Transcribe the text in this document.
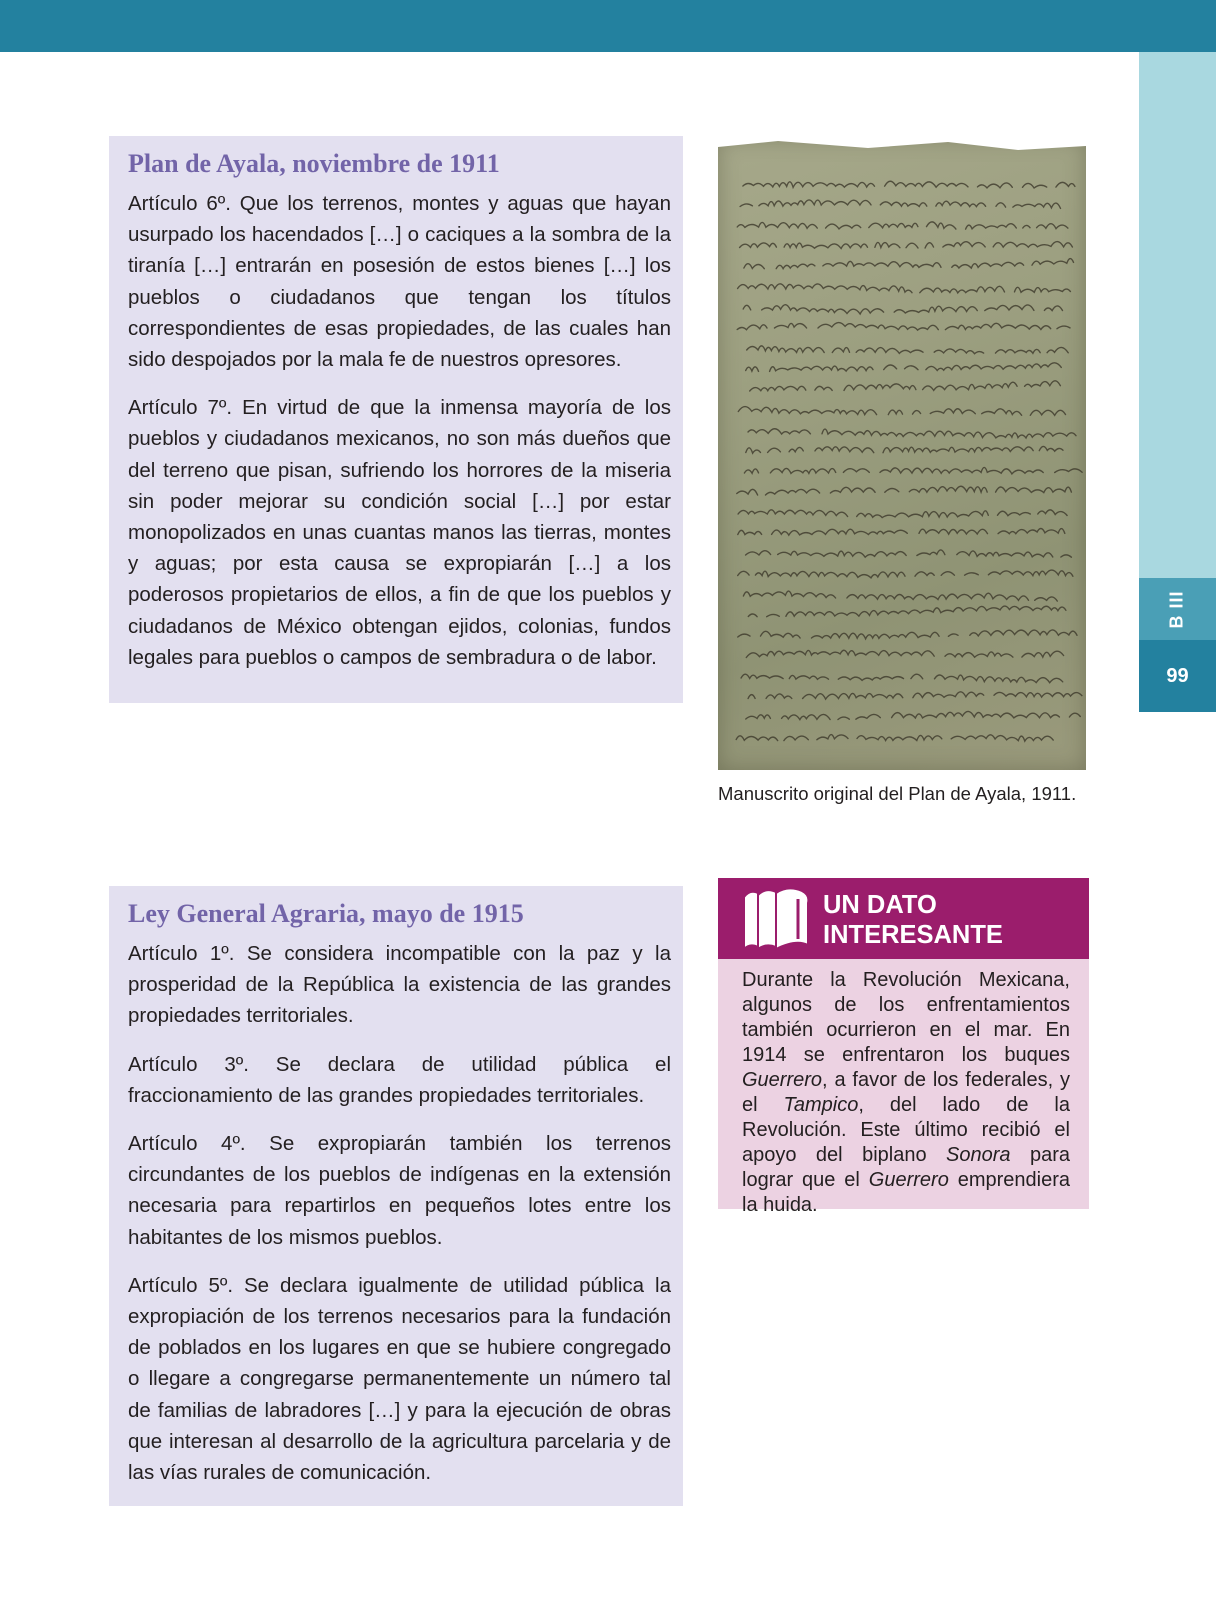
B III
99
Plan de Ayala, noviembre de 1911

Artículo 6º. Que los terrenos, montes y aguas que hayan usurpado los hacendados […] o caciques a la sombra de la tiranía […] entrarán en posesión de estos bienes […] los pueblos o ciudadanos que tengan los títulos correspondientes de esas propiedades, de las cuales han sido despojados por la mala fe de nuestros opresores.

Artículo 7º. En virtud de que la inmensa mayoría de los pueblos y ciudadanos mexicanos, no son más dueños que del terreno que pisan, sufriendo los horrores de la miseria sin poder mejorar su condición social […] por estar monopolizados en unas cuantas manos las tierras, montes y aguas; por esta causa se expropiarán […] a los poderosos propietarios de ellos, a fin de que los pueblos y ciudadanos de México obtengan ejidos, colonias, fundos legales para pueblos o campos de sembradura o de labor.

Manuscrito original del Plan de Ayala, 1911.
Ley General Agraria, mayo de 1915

Artículo 1º. Se considera incompatible con la paz y la prosperidad de la República la existencia de las grandes propiedades territoriales.

Artículo 3º. Se declara de utilidad pública el fraccionamiento de las grandes propiedades territoriales.

Artículo 4º. Se expropiarán también los terrenos circundantes de los pueblos de indígenas en la extensión necesaria para repartirlos en pequeños lotes entre los habitantes de los mismos pueblos.

Artículo 5º. Se declara igualmente de utilidad pública la expropiación de los terrenos necesarios para la fundación de poblados en los lugares en que se hubiere congregado o llegare a congregarse permanentemente un número tal de familias de labradores […] y para la ejecución de obras que interesan al desarrollo de la agricultura parcelaria y de las vías rurales de comunicación.

UN DATO
INTERESANTE
Durante la Revolución Mexicana, algunos de los enfrentamientos también ocurrieron en el mar. En 1914 se enfrentaron los buques Guerrero, a favor de los federales, y el Tampico, del lado de la Revolución. Este último recibió el apoyo del biplano Sonora para lograr que el Guerrero emprendiera la huida.
